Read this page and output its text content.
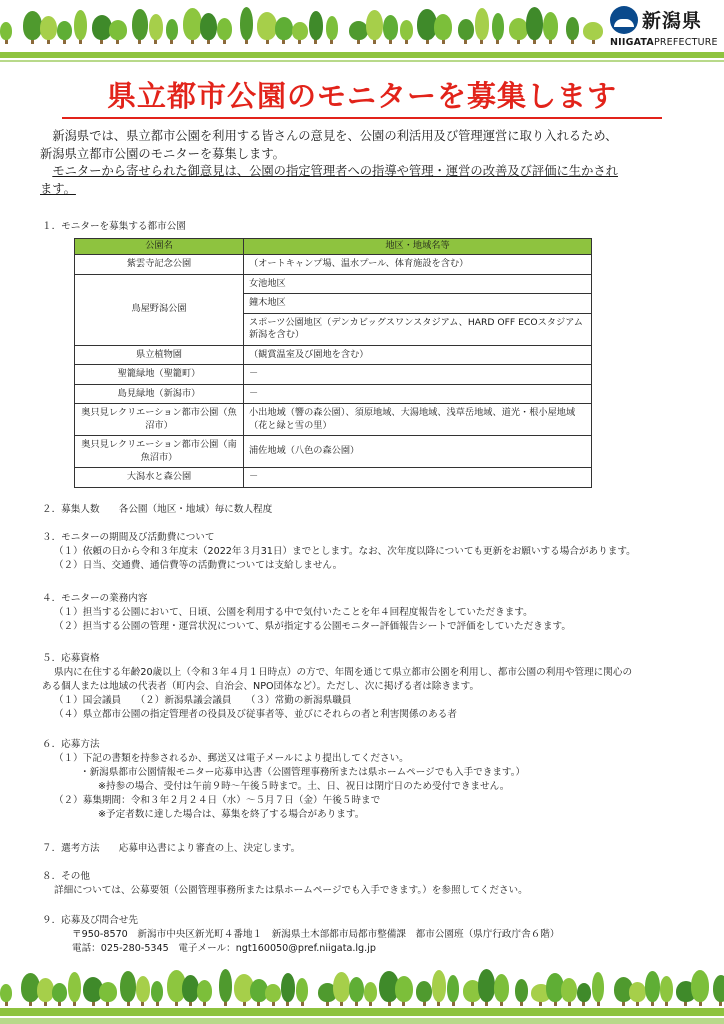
新潟県
NIIGATAPREFECTURE
県立都市公園のモニターを募集します

　新潟県では、県立都市公園を利用する皆さんの意見を、公園の利活用及び管理運営に取り入れるため、

新潟県立都市公園のモニターを募集します。

　モニターから寄せられた御意見は、公園の指定管理者への指導や管理・運営の改善及び評価に生かされ

ます。

１．モニターを募集する都市公園
公園名	地区・地域名等
紫雲寺記念公園	（オートキャンプ場、温水プール、体育施設を含む）
鳥屋野潟公園	女池地区
	鐘木地区
	スポーツ公園地区（デンカビッグスワンスタジアム、HARD OFF ECOスタジアム新潟を含む）
県立植物園	（観賞温室及び園地を含む）
聖籠緑地（聖籠町）	－
島見緑地（新潟市）	－
奥只見レクリエーション都市公園（魚沼市）	小出地域（響の森公園）、須原地域、大湯地域、浅草岳地域、道光・根小屋地域（花と緑と雪の里）
奥只見レクリエーション都市公園（南魚沼市）	浦佐地域（八色の森公園）
大潟水と森公園	－
２．募集人数　　各公園（地区・地域）毎に数人程度
３．モニターの期間及び活動費について
（１）依頼の日から令和３年度末（2022年３月31日）までとします。なお、次年度以降についても更新をお願いする場合があります。
（２）日当、交通費、通信費等の活動費については支給しません。
４．モニターの業務内容
（１）担当する公園において、日頃、公園を利用する中で気付いたことを年４回程度報告をしていただきます。
（２）担当する公園の管理・運営状況について、県が指定する公園モニター評価報告シートで評価をしていただきます。
５．応募資格
県内に在住する年齢20歳以上（令和３年４月１日時点）の方で、年間を通じて県立都市公園を利用し、都市公園の利用や管理に関心の
ある個人または地域の代表者（町内会、自治会、NPO団体など）。ただし、次に掲げる者は除きます。
（１）国会議員　　（２）新潟県議会議員　　（３）常勤の新潟県職員
（４）県立都市公園の指定管理者の役員及び従事者等、並びにそれらの者と利害関係のある者
６．応募方法
（１）下記の書類を持参されるか、郵送又は電子メールにより提出してください。
・新潟県都市公園情報モニター応募申込書（公園管理事務所または県ホームページでも入手できます。）
※持参の場合、受付は午前９時～午後５時まで。土、日、祝日は閉庁日のため受付できません。
（２）募集期間：令和３年２月２４日（水）～５月７日（金）午後５時まで
※予定者数に達した場合は、募集を終了する場合があります。
７．選考方法　　応募申込書により審査の上、決定します。
８．その他
詳細については、公募要領（公園管理事務所または県ホームページでも入手できます。）を参照してください。
９．応募及び問合せ先
〒950-8570　新潟市中央区新光町４番地１　新潟県土木部都市局都市整備課　都市公園班（県庁行政庁舎６階）
電話：025-280-5345　電子メール：ngt160050@pref.niigata.lg.jp
